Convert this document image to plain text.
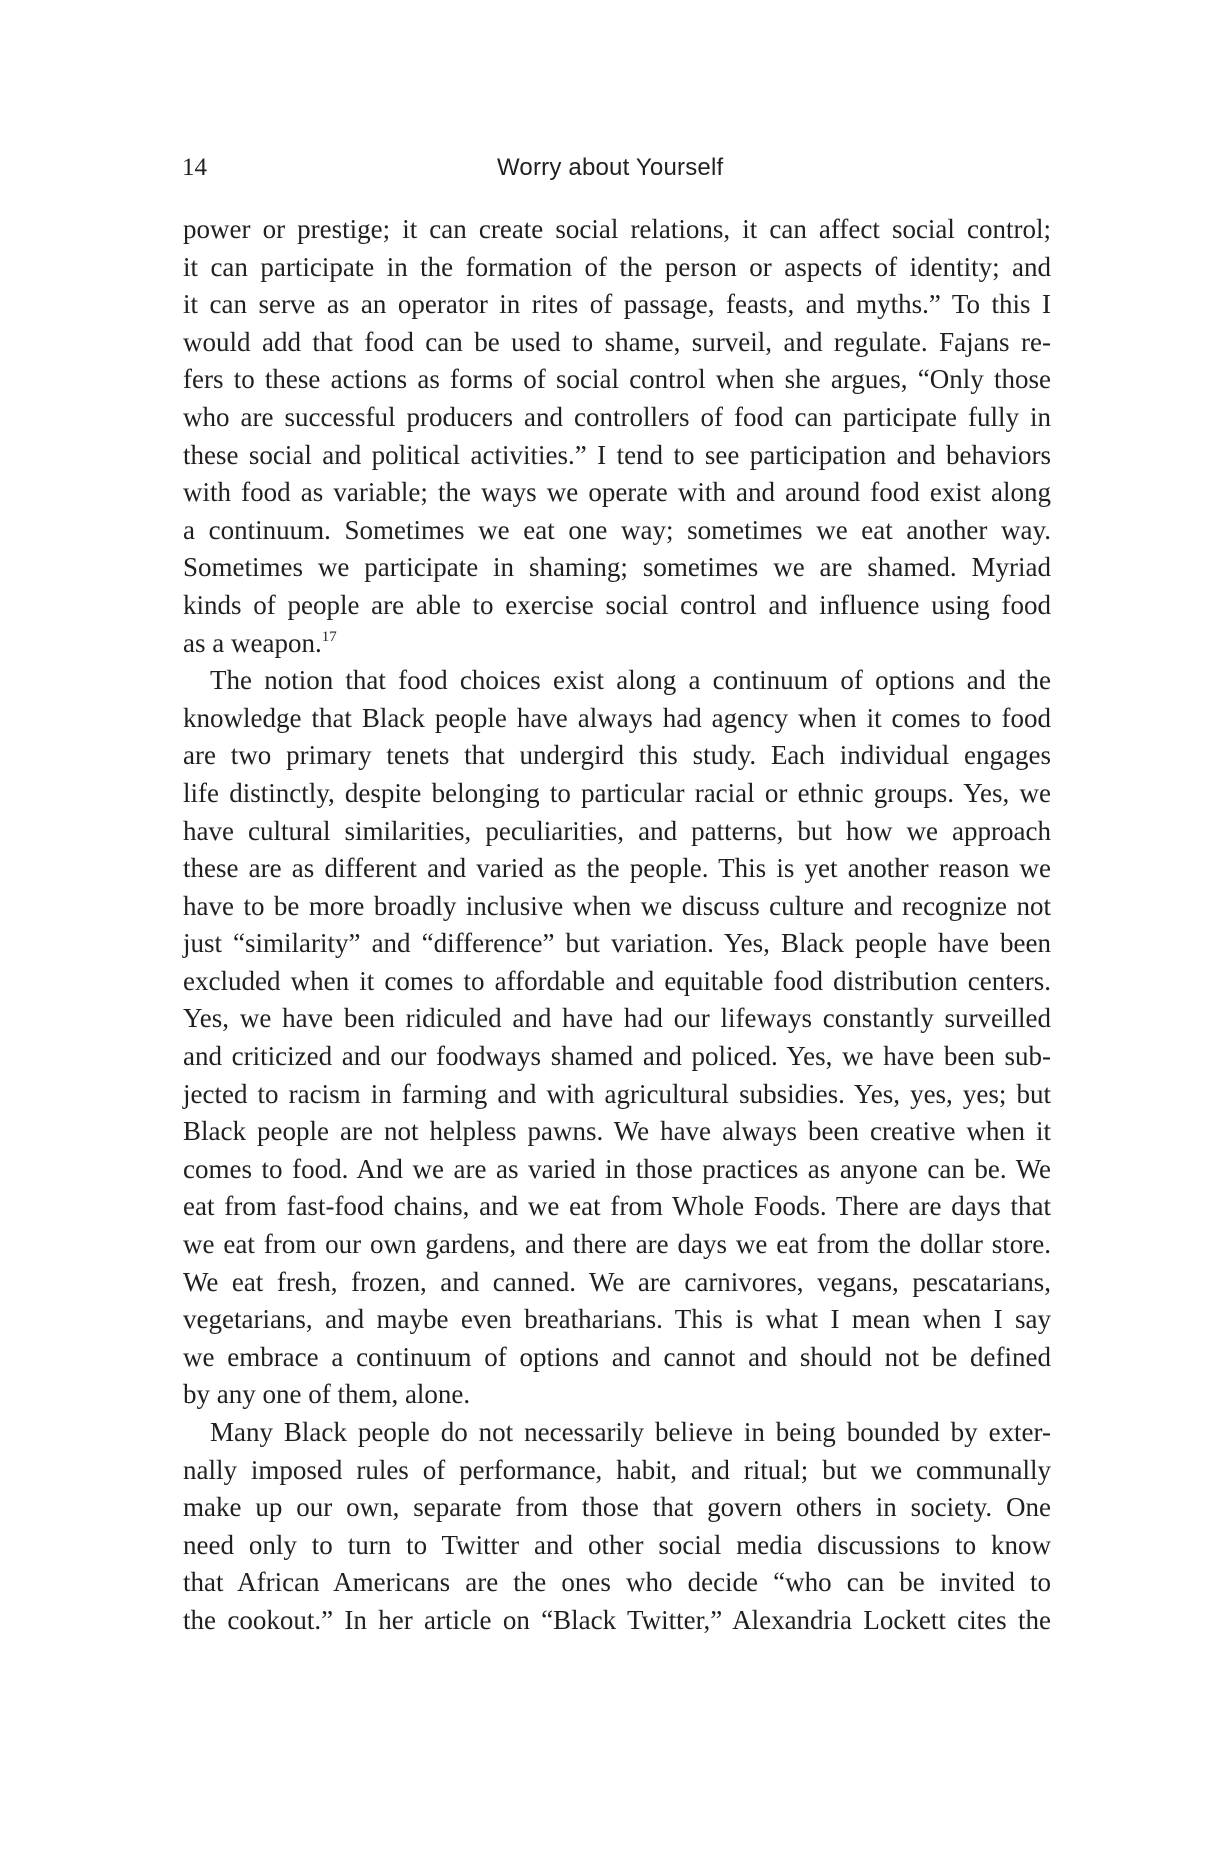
14	Worry about Yourself
power or prestige; it can create social relations, it can affect social control;
it can participate in the formation of the person or aspects of identity; and
it can serve as an operator in rites of passage, feasts, and myths.” To this I
would add that food can be used to shame, surveil, and regulate. Fajans re-
fers to these actions as forms of social control when she argues, “Only those
who are successful producers and controllers of food can participate fully in
these social and political activities.” I tend to see participation and behaviors
with food as variable; the ways we operate with and around food exist along
a continuum. Sometimes we eat one way; sometimes we eat another way.
Sometimes we participate in shaming; sometimes we are shamed. Myriad
kinds of people are able to exercise social control and influence using food
as a weapon.$^{17}$
The notion that food choices exist along a continuum of options and the
knowledge that Black people have always had agency when it comes to food
are two primary tenets that undergird this study. Each individual engages
life distinctly, despite belonging to particular racial or ethnic groups. Yes, we
have cultural similarities, peculiarities, and patterns, but how we approach
these are as different and varied as the people. This is yet another reason we
have to be more broadly inclusive when we discuss culture and recognize not
just “similarity” and “difference” but variation. Yes, Black people have been
excluded when it comes to affordable and equitable food distribution centers.
Yes, we have been ridiculed and have had our lifeways constantly surveilled
and criticized and our foodways shamed and policed. Yes, we have been sub-
jected to racism in farming and with agricultural subsidies. Yes, yes, yes; but
Black people are not helpless pawns. We have always been creative when it
comes to food. And we are as varied in those practices as anyone can be. We
eat from fast-food chains, and we eat from Whole Foods. There are days that
we eat from our own gardens, and there are days we eat from the dollar store.
We eat fresh, frozen, and canned. We are carnivores, vegans, pescatarians,
vegetarians, and maybe even breatharians. This is what I mean when I say
we embrace a continuum of options and cannot and should not be defined
by any one of them, alone.
Many Black people do not necessarily believe in being bounded by exter-
nally imposed rules of performance, habit, and ritual; but we communally
make up our own, separate from those that govern others in society. One
need only to turn to Twitter and other social media discussions to know
that African Americans are the ones who decide “who can be invited to
the cookout.” In her article on “Black Twitter,” Alexandria Lockett cites the
